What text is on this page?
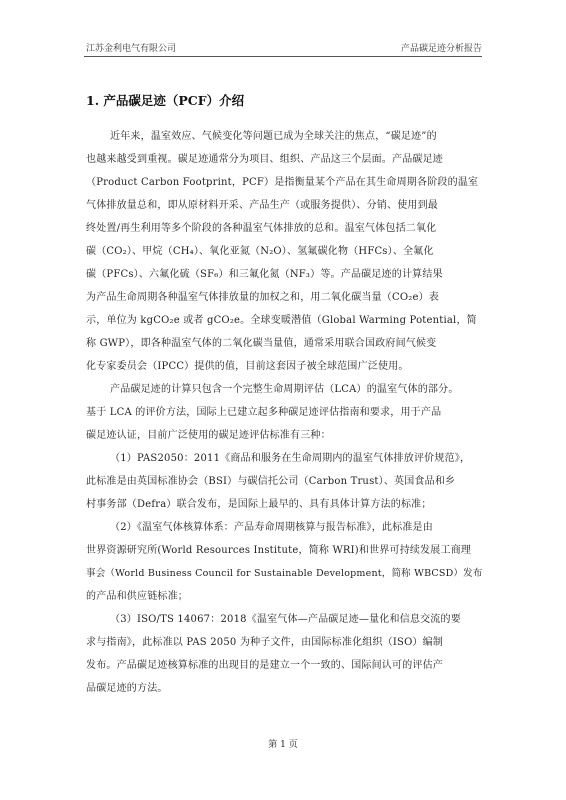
江苏金利电气有限公司	产品碳足迹分析报告
1. 产品碳足迹（PCF）介绍
近年来，温室效应、气候变化等问题已成为全球关注的焦点，“碳足迹”的
也越来越受到重视。碳足迹通常分为项目、组织、产品这三个层面。产品碳足迹
（Product Carbon Footprint，PCF）是指衡量某个产品在其生命周期各阶段的温室
气体排放量总和，即从原材料开采、产品生产（或服务提供）、分销、使用到最
终处置/再生利用等多个阶段的各种温室气体排放的总和。温室气体包括二氧化
碳（CO₂）、甲烷（CH₄）、氧化亚氮（N₂O）、氢氟碳化物（HFCs）、全氟化
碳（PFCs）、六氟化硫（SF₆）和三氟化氮（NF₃）等。产品碳足迹的计算结果
为产品生命周期各种温室气体排放量的加权之和，用二氧化碳当量（CO₂e）表
示，单位为 kgCO₂e 或者 gCO₂e。全球变暖潜值（Global Warming Potential，简
称 GWP），即各种温室气体的二氧化碳当量值，通常采用联合国政府间气候变
化专家委员会（IPCC）提供的值，目前这套因子被全球范围广泛使用。
产品碳足迹的计算只包含一个完整生命周期评估（LCA）的温室气体的部分。
基于 LCA 的评价方法，国际上已建立起多种碳足迹评估指南和要求，用于产品
碳足迹认证，目前广泛使用的碳足迹评估标准有三种：
（1）PAS2050：2011《商品和服务在生命周期内的温室气体排放评价规范》，
此标准是由英国标准协会（BSI）与碳信托公司（Carbon Trust）、英国食品和乡
村事务部（Defra）联合发布，是国际上最早的、具有具体计算方法的标准；
（2）《温室气体核算体系：产品寿命周期核算与报告标准》，此标准是由
世界资源研究所(World Resources Institute，简称 WRI)和世界可持续发展工商理
事会（World Business Council for Sustainable Development，简称 WBCSD）发布
的产品和供应链标准；
（3）ISO/TS 14067：2018《温室气体—产品碳足迹—量化和信息交流的要
求与指南》，此标准以 PAS 2050 为种子文件，由国际标准化组织（ISO）编制
发布。产品碳足迹核算标准的出现目的是建立一个一致的、国际间认可的评估产
品碳足迹的方法。
第 1 页
